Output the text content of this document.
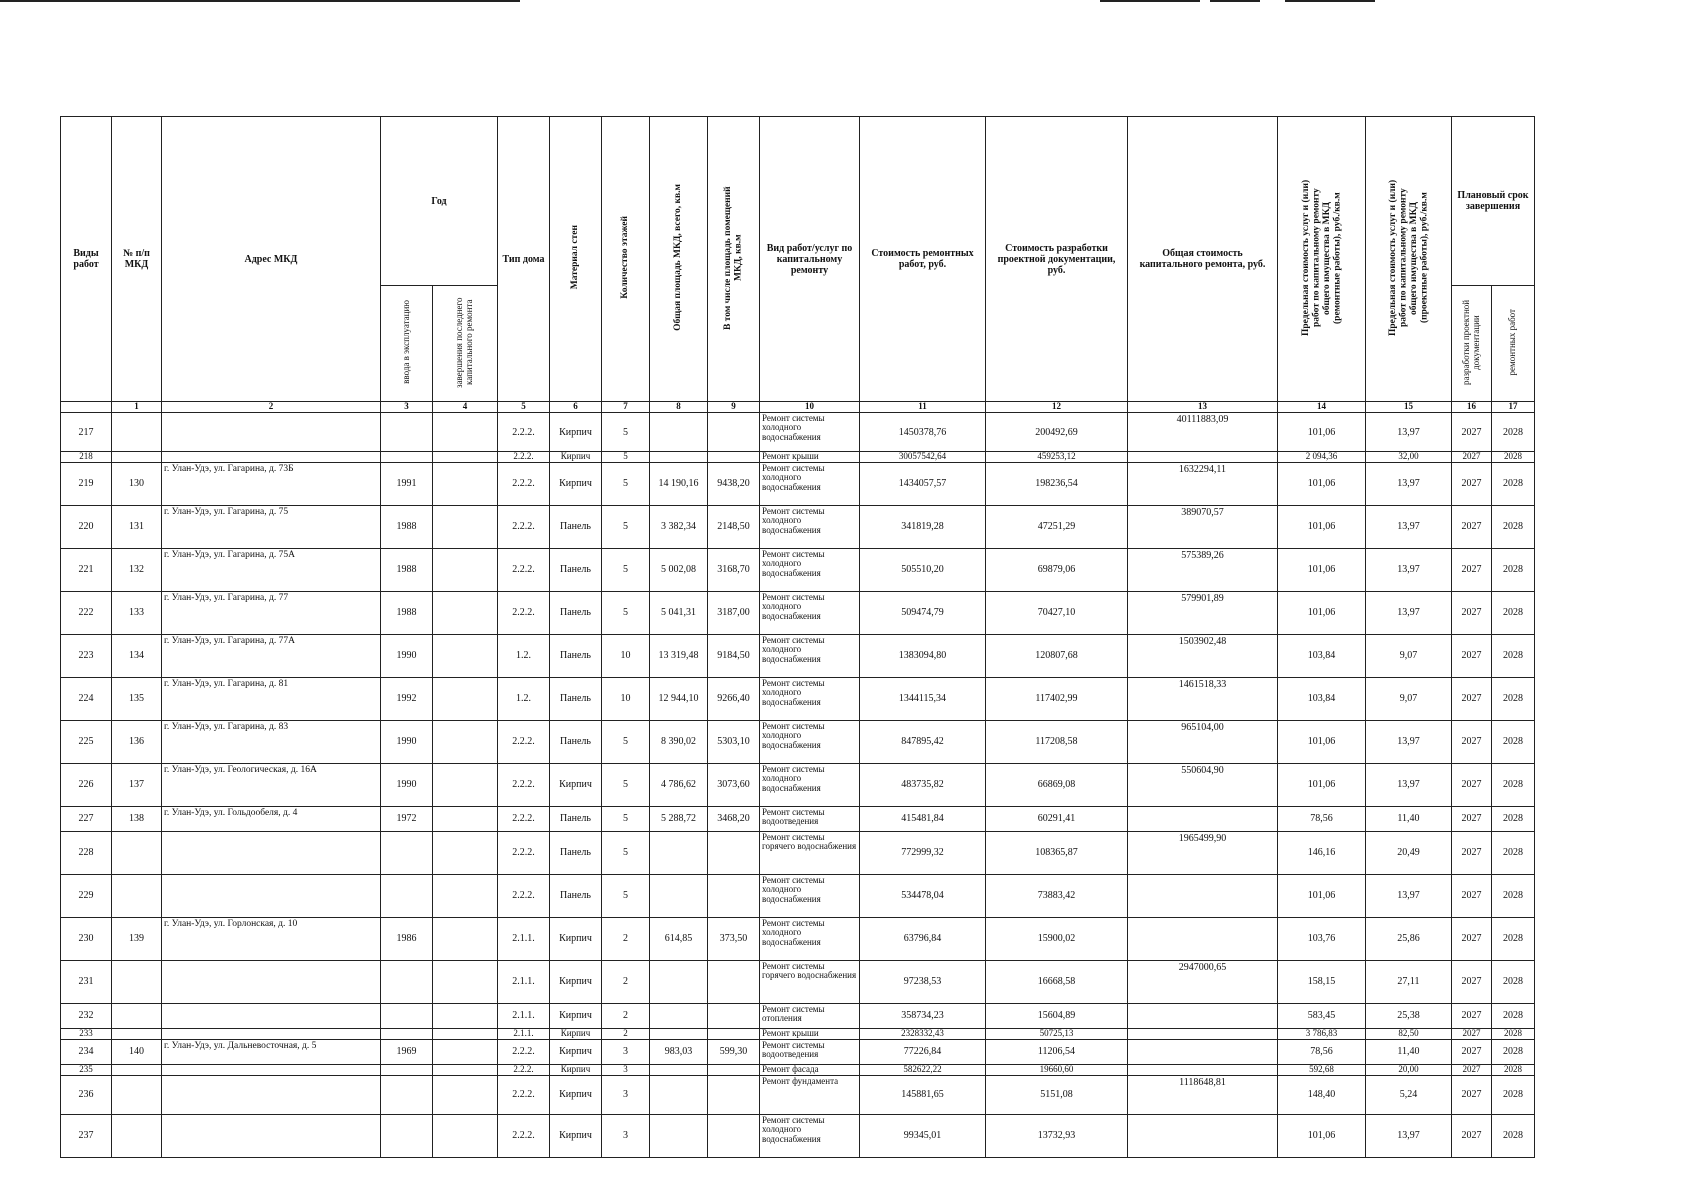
Виды работ	№ п/п МКД	Адрес МКД	Год		Тип дома	Материал стен	Количество этажей	Общая площадь МКД, всего, кв.м	В том числе площадь помещений МКД, кв.м	Вид работ/услуг по капитальному ремонту	Стоимость ремонтных работ, руб.	Стоимость разработки проектной документации, руб.	Общая стоимость капитального ремонта, руб.	Предельная стоимость услуг и (или) работ по капитальному ремонту общего имущества в МКД (ремонтные работы), руб./кв.м	Предельная стоимость услуг и (или) работ по капитальному ремонту общего имущества в МКД (проектные работы), руб./кв.м	Плановый срок завершения	
			ввода в эксплуатацию	завершения последнего капитального ремонта												разработки проектной документации	ремонтных работ
	1	2	3	4	5	6	7	8	9	10	11	12	13	14	15	16	17
217					2.2.2.	Кирпич	5			Ремонт системы холодного водоснабжения	1450378,76	200492,69	40111883,09	101,06	13,97	2027	2028
218					2.2.2.	Кирпич	5			Ремонт крыши	30057542,64	459253,12		2 094,36	32,00	2027	2028
219	130	г. Улан-Удэ, ул. Гагарина, д. 73Б	1991		2.2.2.	Кирпич	5	14 190,16	9438,20	Ремонт системы холодного водоснабжения	1434057,57	198236,54	1632294,11	101,06	13,97	2027	2028
220	131	г. Улан-Удэ, ул. Гагарина, д. 75	1988		2.2.2.	Панель	5	3 382,34	2148,50	Ремонт системы холодного водоснабжения	341819,28	47251,29	389070,57	101,06	13,97	2027	2028
221	132	г. Улан-Удэ, ул. Гагарина, д. 75А	1988		2.2.2.	Панель	5	5 002,08	3168,70	Ремонт системы холодного водоснабжения	505510,20	69879,06	575389,26	101,06	13,97	2027	2028
222	133	г. Улан-Удэ, ул. Гагарина, д. 77	1988		2.2.2.	Панель	5	5 041,31	3187,00	Ремонт системы холодного водоснабжения	509474,79	70427,10	579901,89	101,06	13,97	2027	2028
223	134	г. Улан-Удэ, ул. Гагарина, д. 77А	1990		1.2.	Панель	10	13 319,48	9184,50	Ремонт системы холодного водоснабжения	1383094,80	120807,68	1503902,48	103,84	9,07	2027	2028
224	135	г. Улан-Удэ, ул. Гагарина, д. 81	1992		1.2.	Панель	10	12 944,10	9266,40	Ремонт системы холодного водоснабжения	1344115,34	117402,99	1461518,33	103,84	9,07	2027	2028
225	136	г. Улан-Удэ, ул. Гагарина, д. 83	1990		2.2.2.	Панель	5	8 390,02	5303,10	Ремонт системы холодного водоснабжения	847895,42	117208,58	965104,00	101,06	13,97	2027	2028
226	137	г. Улан-Удэ, ул. Геологическая, д. 16А	1990		2.2.2.	Кирпич	5	4 786,62	3073,60	Ремонт системы холодного водоснабжения	483735,82	66869,08	550604,90	101,06	13,97	2027	2028
227	138	г. Улан-Удэ, ул. Гольдообеля, д. 4	1972		2.2.2.	Панель	5	5 288,72	3468,20	Ремонт системы водоотведения	415481,84	60291,41		78,56	11,40	2027	2028
228					2.2.2.	Панель	5			Ремонт системы горячего водоснабжения	772999,32	108365,87	1965499,90	146,16	20,49	2027	2028
229					2.2.2.	Панель	5			Ремонт системы холодного водоснабжения	534478,04	73883,42		101,06	13,97	2027	2028
230	139	г. Улан-Удэ, ул. Горлонская, д. 10	1986		2.1.1.	Кирпич	2	614,85	373,50	Ремонт системы холодного водоснабжения	63796,84	15900,02		103,76	25,86	2027	2028
231					2.1.1.	Кирпич	2			Ремонт системы горячего водоснабжения	97238,53	16668,58	2947000,65	158,15	27,11	2027	2028
232					2.1.1.	Кирпич	2			Ремонт системы отопления	358734,23	15604,89		583,45	25,38	2027	2028
233					2.1.1.	Кирпич	2			Ремонт крыши	2328332,43	50725,13		3 786,83	82,50	2027	2028
234	140	г. Улан-Удэ, ул. Дальневосточная, д. 5	1969		2.2.2.	Кирпич	3	983,03	599,30	Ремонт системы водоотведения	77226,84	11206,54		78,56	11,40	2027	2028
235					2.2.2.	Кирпич	3			Ремонт фасада	582622,22	19660,60		592,68	20,00	2027	2028
236					2.2.2.	Кирпич	3			Ремонт фундамента	145881,65	5151,08	1118648,81	148,40	5,24	2027	2028
237					2.2.2.	Кирпич	3			Ремонт системы холодного водоснабжения	99345,01	13732,93		101,06	13,97	2027	2028
